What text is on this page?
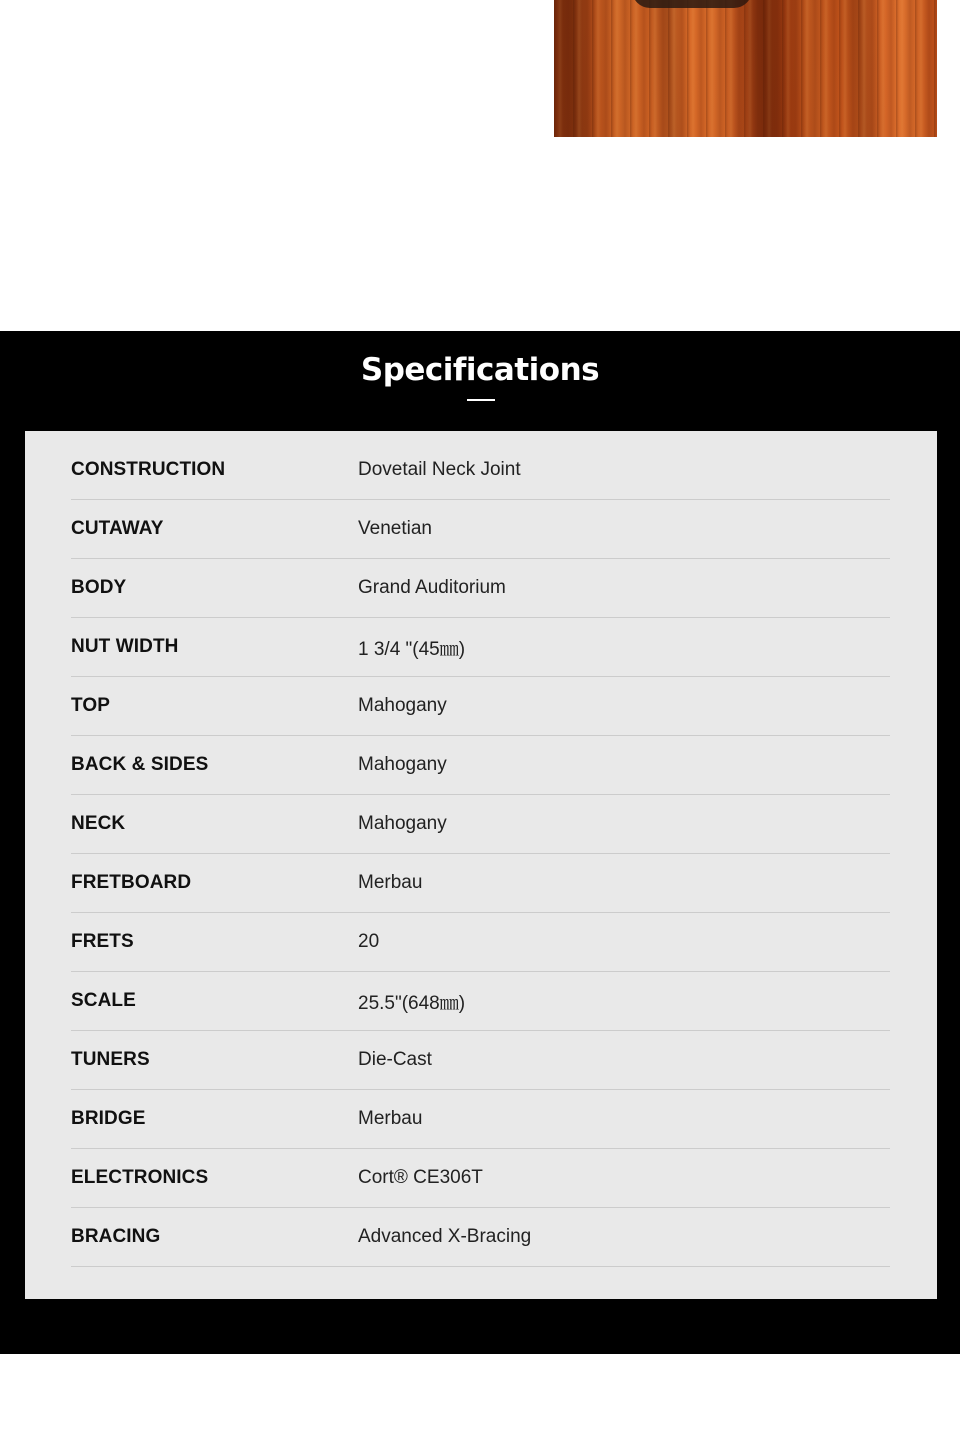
Specifications
CONSTRUCTION	Dovetail Neck Joint
CUTAWAY	Venetian
BODY	Grand Auditorium
NUT WIDTH	1 3/4 "(45㎜)
TOP	Mahogany
BACK & SIDES	Mahogany
NECK	Mahogany
FRETBOARD	Merbau
FRETS	20
SCALE	25.5"(648㎜)
TUNERS	Die-Cast
BRIDGE	Merbau
ELECTRONICS	Cort® CE306T
BRACING	Advanced X-Bracing
